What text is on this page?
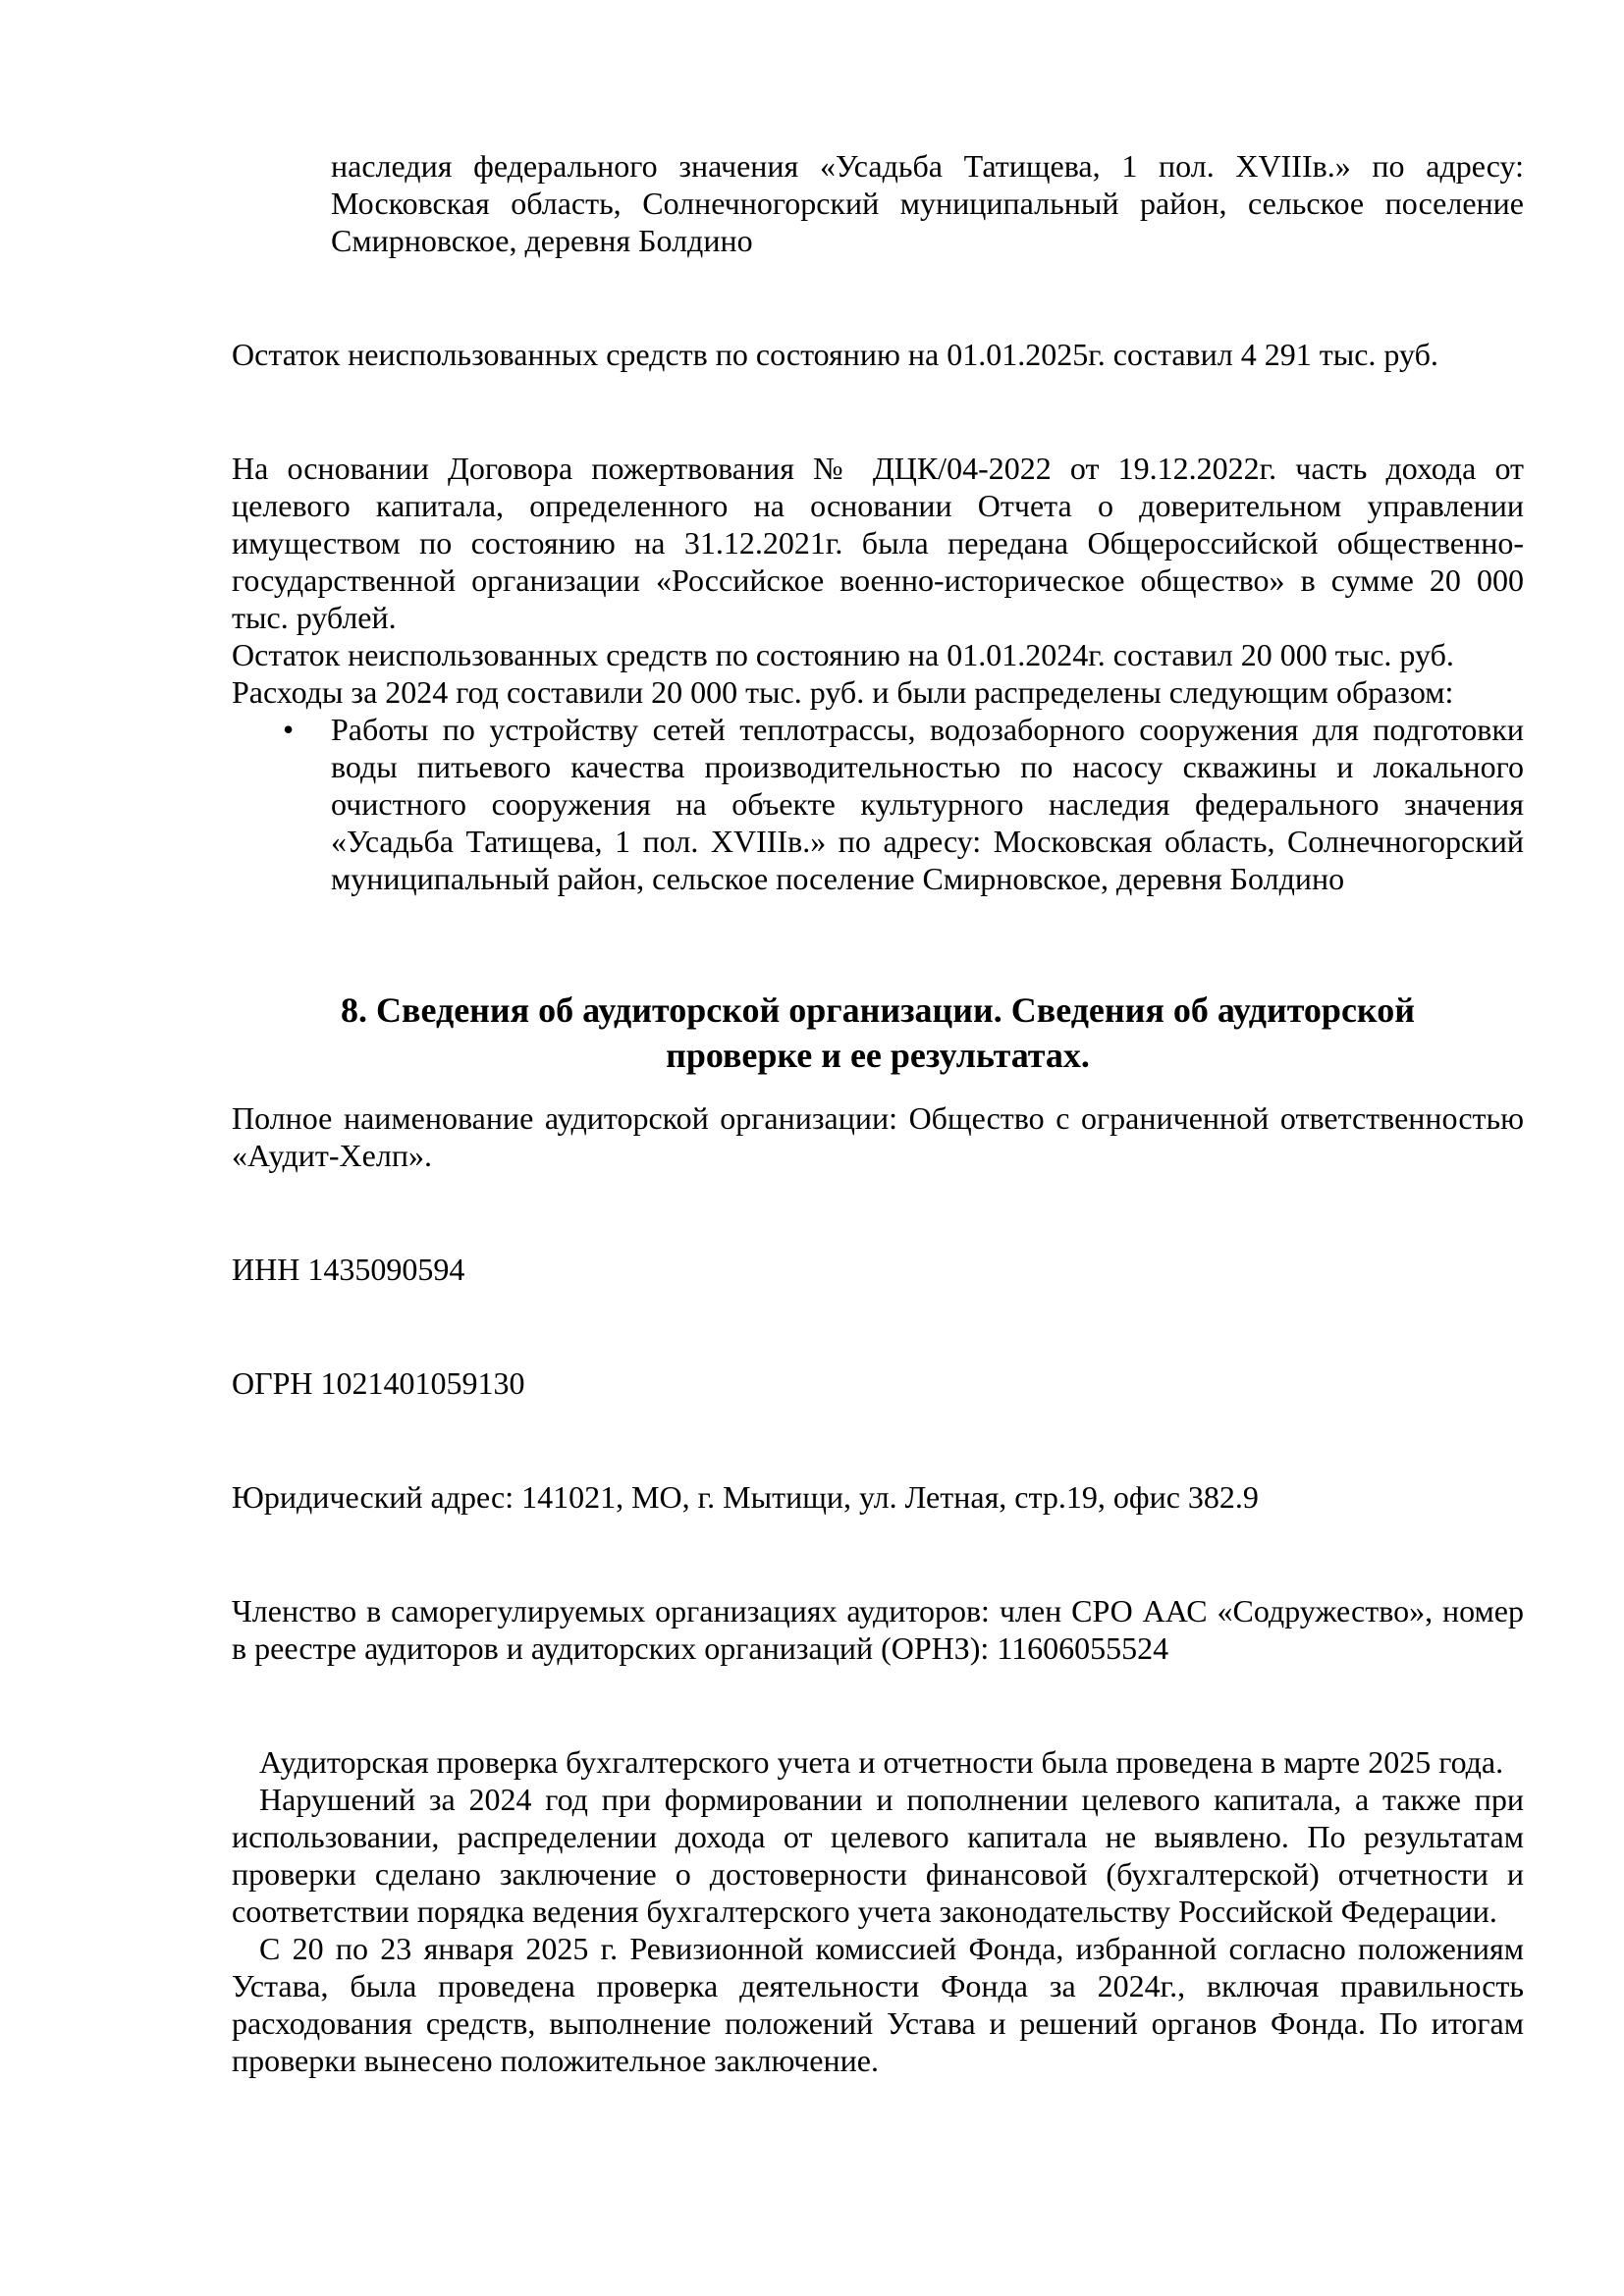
наследия федерального значения «Усадьба Татищева, 1 пол. XVIIIв.» по адресу: Московская область, Солнечногорский муниципальный район, сельское поселение Смирновское, деревня Болдино

Остаток неиспользованных средств по состоянию на 01.01.2025г. составил 4 291 тыс. руб.

На основании Договора пожертвования № ДЦК/04-2022 от 19.12.2022г. часть дохода от целевого капитала, определенного на основании Отчета о доверительном управлении имуществом по состоянию на 31.12.2021г. была передана Общероссийской общественно-государственной организации «Российское военно-историческое общество» в сумме 20 000 тыс. рублей.

Остаток неиспользованных средств по состоянию на 01.01.2024г. составил 20 000 тыс. руб.

Расходы за 2024 год составили 20 000 тыс. руб. и были распределены следующим образом:

• Работы по устройству сетей теплотрассы, водозаборного сооружения для подготовки воды питьевого качества производительностью по насосу скважины и локального очистного сооружения на объекте культурного наследия федерального значения «Усадьба Татищева, 1 пол. XVIIIв.» по адресу: Московская область, Солнечногорский муниципальный район, сельское поселение Смирновское, деревня Болдино
8. Сведения об аудиторской организации. Сведения об аудиторской
проверке и ее результатах.

Полное наименование аудиторской организации: Общество с ограниченной ответственностью «Аудит-Хелп».

ИНН 1435090594

ОГРН 1021401059130

Юридический адрес: 141021, МО, г. Мытищи, ул. Летная, стр.19, офис 382.9

Членство в саморегулируемых организациях аудиторов: член СРО ААС «Содружество», номер в реестре аудиторов и аудиторских организаций (ОРНЗ): 11606055524

Аудиторская проверка бухгалтерского учета и отчетности была проведена в марте 2025 года.

Нарушений за 2024 год при формировании и пополнении целевого капитала, а также при использовании, распределении дохода от целевого капитала не выявлено. По результатам проверки сделано заключение о достоверности финансовой (бухгалтерской) отчетности и соответствии порядка ведения бухгалтерского учета законодательству Российской Федерации.

С 20 по 23 января 2025 г. Ревизионной комиссией Фонда, избранной согласно положениям Устава, была проведена проверка деятельности Фонда за 2024г., включая правильность расходования средств, выполнение положений Устава и решений органов Фонда. По итогам проверки вынесено положительное заключение.
